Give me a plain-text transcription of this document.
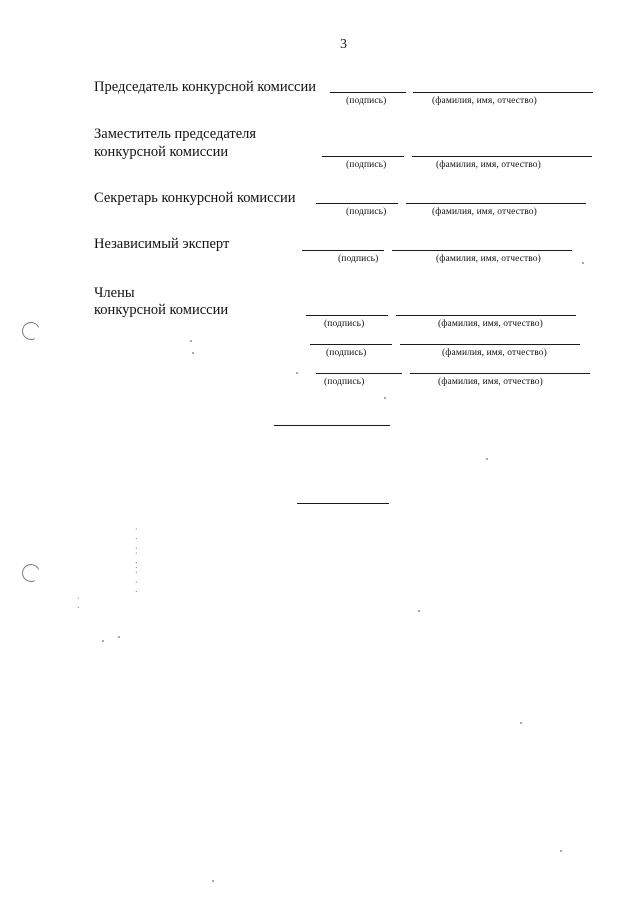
3
Председатель конкурсной комиссии
(подпись)	(фамилия, имя, отчество)
Заместитель председателя
конкурсной комиссии
(подпись)	(фамилия, имя, отчество)
Секретарь конкурсной комиссии
(подпись)	(фамилия, имя, отчество)
Независимый эксперт
(подпись)	(фамилия, имя, отчество)
Члены
конкурсной комиссии
(подпись)	(фамилия, имя, отчество)
(подпись)	(фамилия, имя, отчество)
(подпись)	(фамилия, имя, отчество)
· · ··· ·· · ·
· ·
